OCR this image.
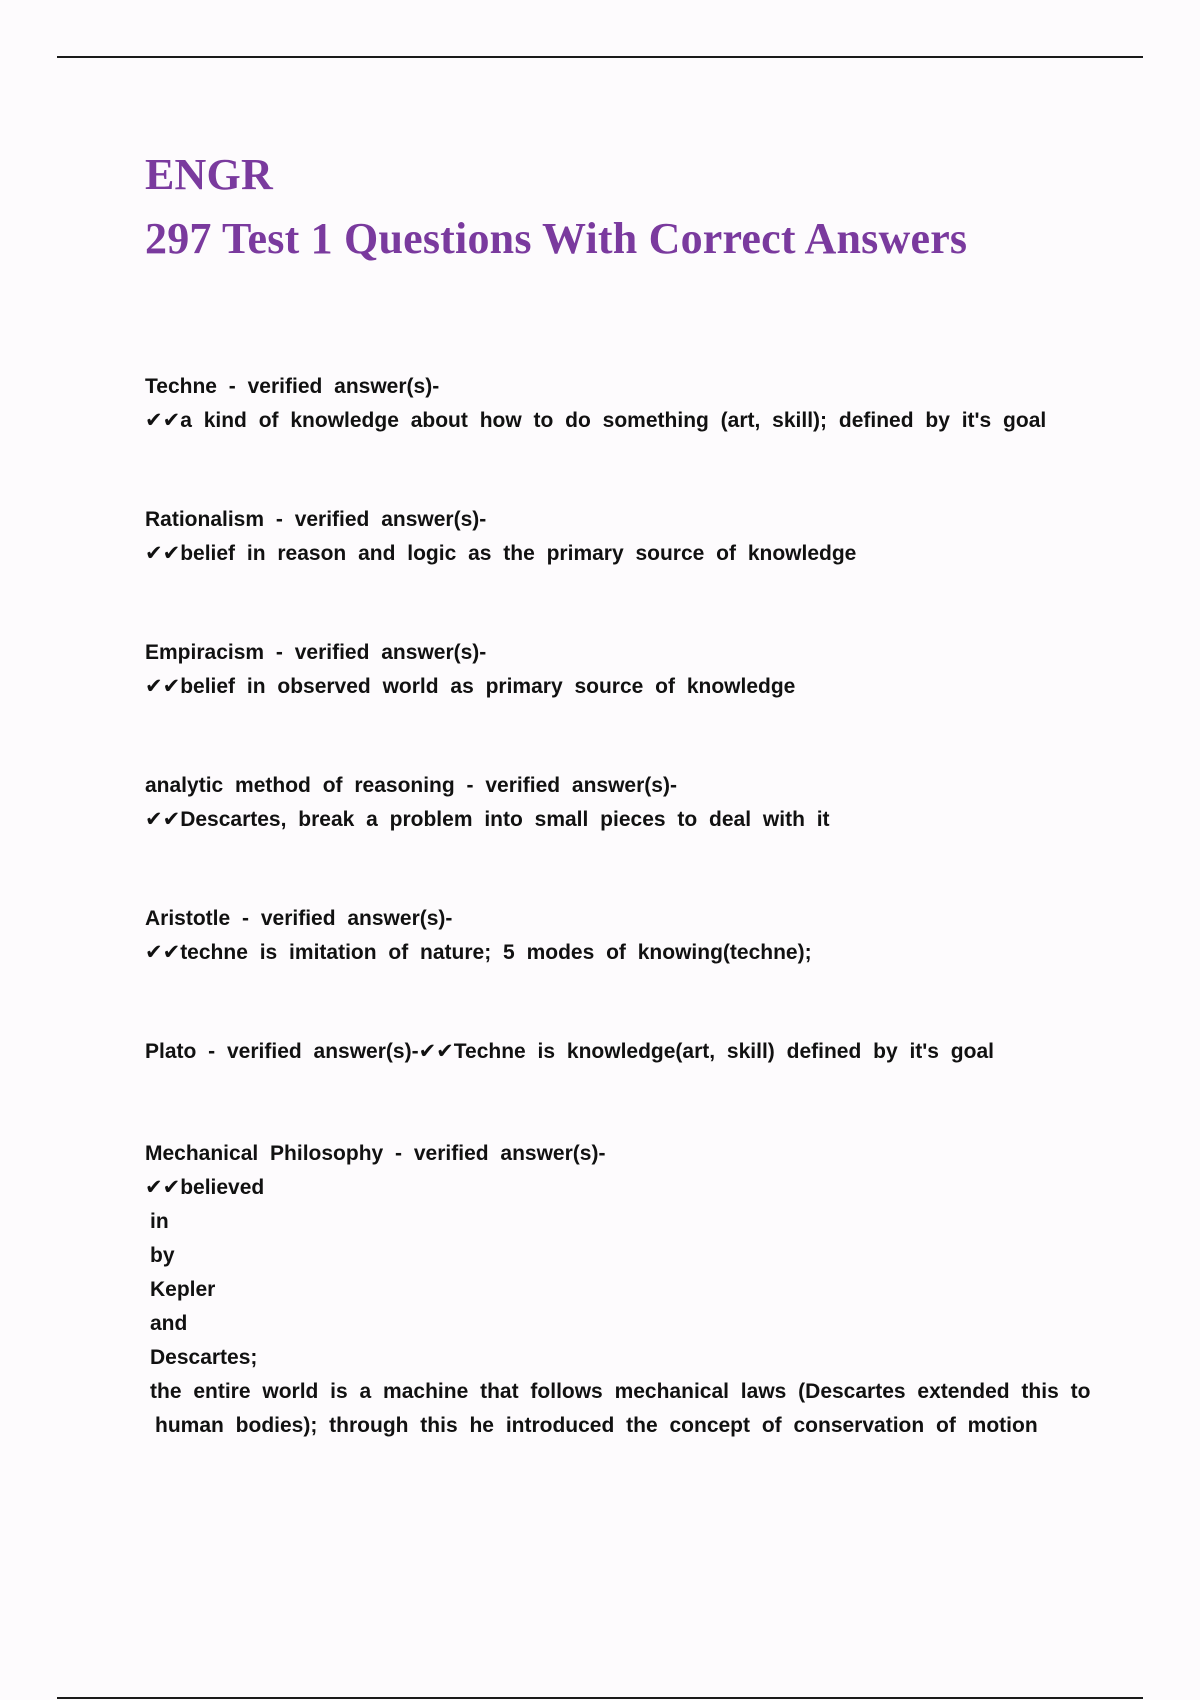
ENGR
297 Test 1 Questions With Correct Answers
Techne - verified answer(s)-
✔✔a kind of knowledge about how to do something (art, skill); defined by it's goal
Rationalism - verified answer(s)-
✔✔belief in reason and logic as the primary source of knowledge
Empiracism - verified answer(s)-
✔✔belief in observed world as primary source of knowledge
analytic method of reasoning - verified answer(s)-
✔✔Descartes, break a problem into small pieces to deal with it
Aristotle - verified answer(s)-
✔✔techne is imitation of nature; 5 modes of knowing(techne);
Plato - verified answer(s)-✔✔Techne is knowledge(art, skill) defined by it's goal
Mechanical Philosophy - verified answer(s)-
✔✔believed
in
by
Kepler
and
Descartes;
the entire world is a machine that follows mechanical laws (Descartes extended this to
human bodies); through this he introduced the concept of conservation of motion
